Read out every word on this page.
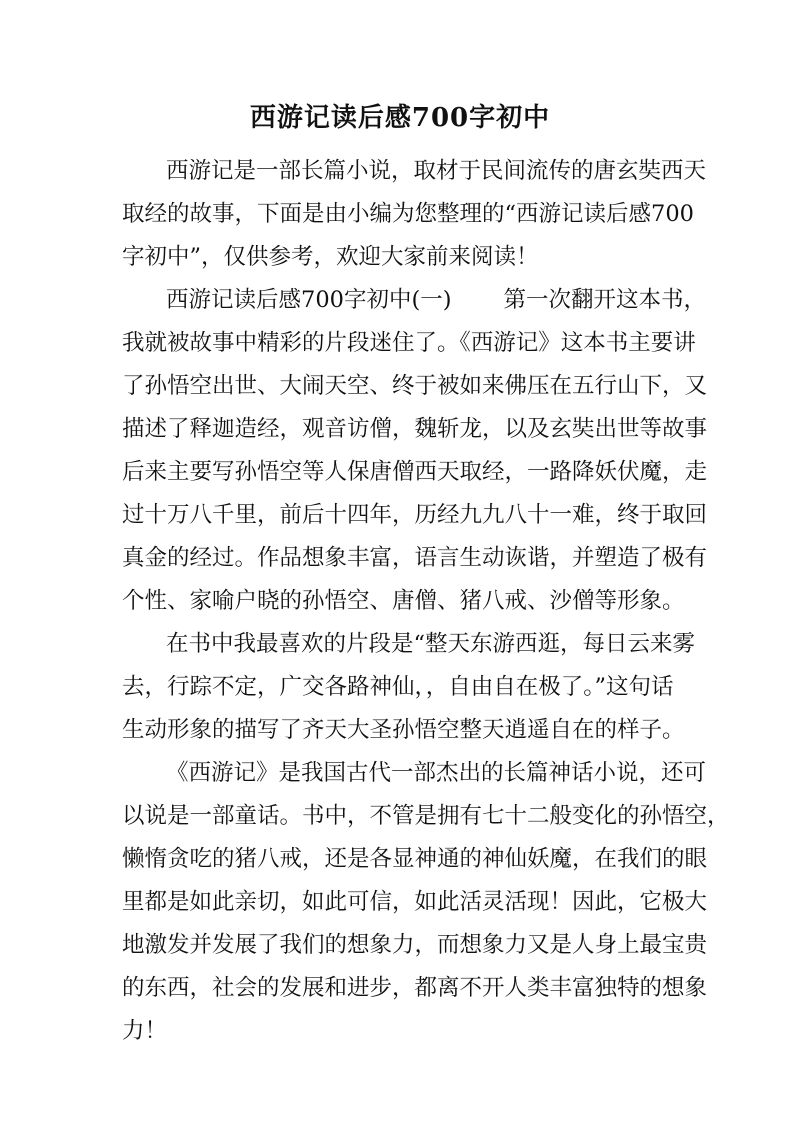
西游记读后感700字初中

西游记是一部长篇小说，取材于民间流传的唐玄奘西天

取经的故事，下面是由小编为您整理的“西游记读后感700

字初中”，仅供参考，欢迎大家前来阅读！

西游记读后感700字初中(一) 第一次翻开这本书，

我就被故事中精彩的片段迷住了。《西游记》这本书主要讲

了孙悟空出世、大闹天空、终于被如来佛压在五行山下，又

描述了释迦造经，观音访僧，魏斩龙，以及玄奘出世等故事

后来主要写孙悟空等人保唐僧西天取经，一路降妖伏魔，走

过十万八千里，前后十四年，历经九九八十一难，终于取回

真金的经过。作品想象丰富，语言生动诙谐，并塑造了极有

个性、家喻户晓的孙悟空、唐僧、猪八戒、沙僧等形象。

在书中我最喜欢的片段是“整天东游西逛，每日云来雾

去，行踪不定，广交各路神仙，，自由自在极了。”这句话

生动形象的描写了齐天大圣孙悟空整天逍遥自在的样子。

《西游记》是我国古代一部杰出的长篇神话小说，还可

以说是一部童话。书中，不管是拥有七十二般变化的孙悟空，

懒惰贪吃的猪八戒，还是各显神通的神仙妖魔，在我们的眼

里都是如此亲切，如此可信，如此活灵活现！因此，它极大

地激发并发展了我们的想象力，而想象力又是人身上最宝贵

的东西，社会的发展和进步，都离不开人类丰富独特的想象

力！
